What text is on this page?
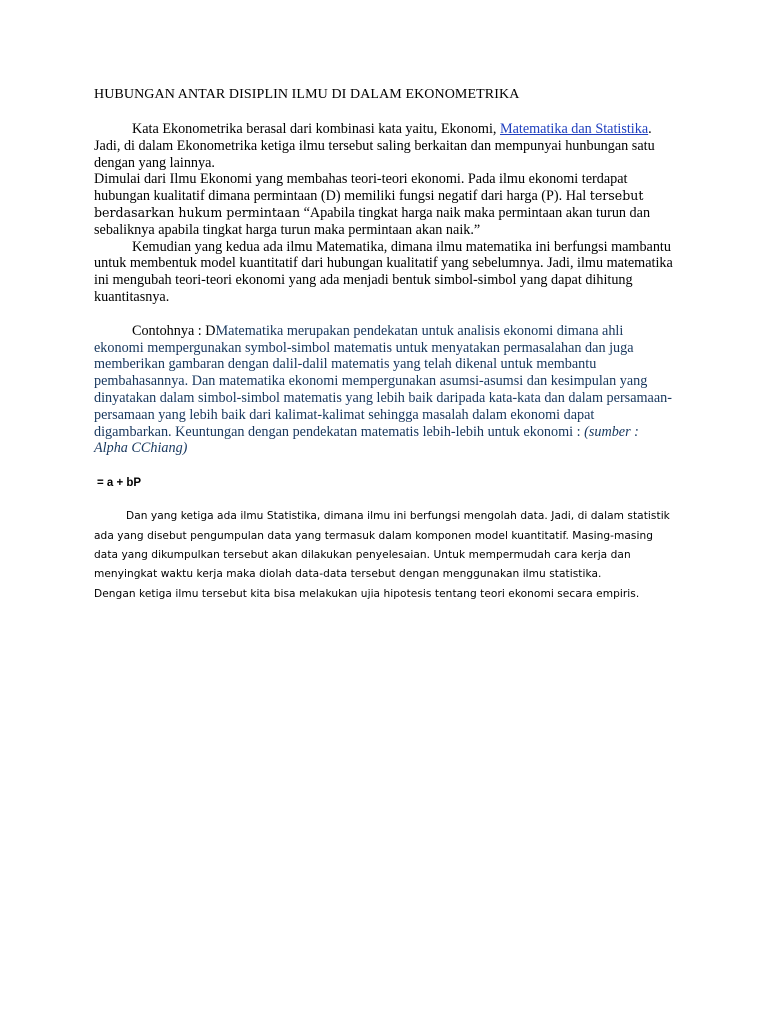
HUBUNGAN ANTAR DISIPLIN ILMU DI DALAM EKONOMETRIKA

Kata Ekonometrika berasal dari kombinasi kata yaitu, Ekonomi, Matematika dan Statistika. Jadi, di dalam Ekonometrika ketiga ilmu tersebut saling berkaitan dan mempunyai hunbungan satu dengan yang lainnya.

Dimulai dari Ilmu Ekonomi yang membahas teori-teori ekonomi. Pada ilmu ekonomi terdapat hubungan kualitatif dimana permintaan (D) memiliki fungsi negatif dari harga (P). Hal tersebut berdasarkan hukum permintaan “Apabila tingkat harga naik maka permintaan akan turun dan sebaliknya apabila tingkat harga turun maka permintaan akan naik.”

Kemudian yang kedua ada ilmu Matematika, dimana ilmu matematika ini berfungsi mambantu untuk membentuk model kuantitatif dari hubungan kualitatif yang sebelumnya. Jadi, ilmu matematika ini mengubah teori-teori ekonomi yang ada menjadi bentuk simbol-simbol yang dapat dihitung kuantitasnya.

Contohnya : DMatematika merupakan pendekatan untuk analisis ekonomi dimana ahli ekonomi mempergunakan symbol-simbol matematis untuk menyatakan permasalahan dan juga memberikan gambaran dengan dalil-dalil matematis yang telah dikenal untuk membantu pembahasannya. Dan matematika ekonomi mempergunakan asumsi-asumsi dan kesimpulan yang dinyatakan dalam simbol-simbol matematis yang lebih baik daripada kata-kata dan dalam persamaan-persamaan yang lebih baik dari kalimat-kalimat sehingga masalah dalam ekonomi dapat digambarkan. Keuntungan dengan pendekatan matematis lebih-lebih untuk ekonomi : (sumber : Alpha CChiang)

= a + bP

Dan yang ketiga ada ilmu Statistika, dimana ilmu ini berfungsi mengolah data. Jadi, di dalam statistik ada yang disebut pengumpulan data yang termasuk dalam komponen model kuantitatif. Masing-masing data yang dikumpulkan tersebut akan dilakukan penyelesaian. Untuk mempermudah cara kerja dan menyingkat waktu kerja maka diolah data-data tersebut dengan menggunakan ilmu statistika.

Dengan ketiga ilmu tersebut kita bisa melakukan ujia hipotesis tentang teori ekonomi secara empiris.
